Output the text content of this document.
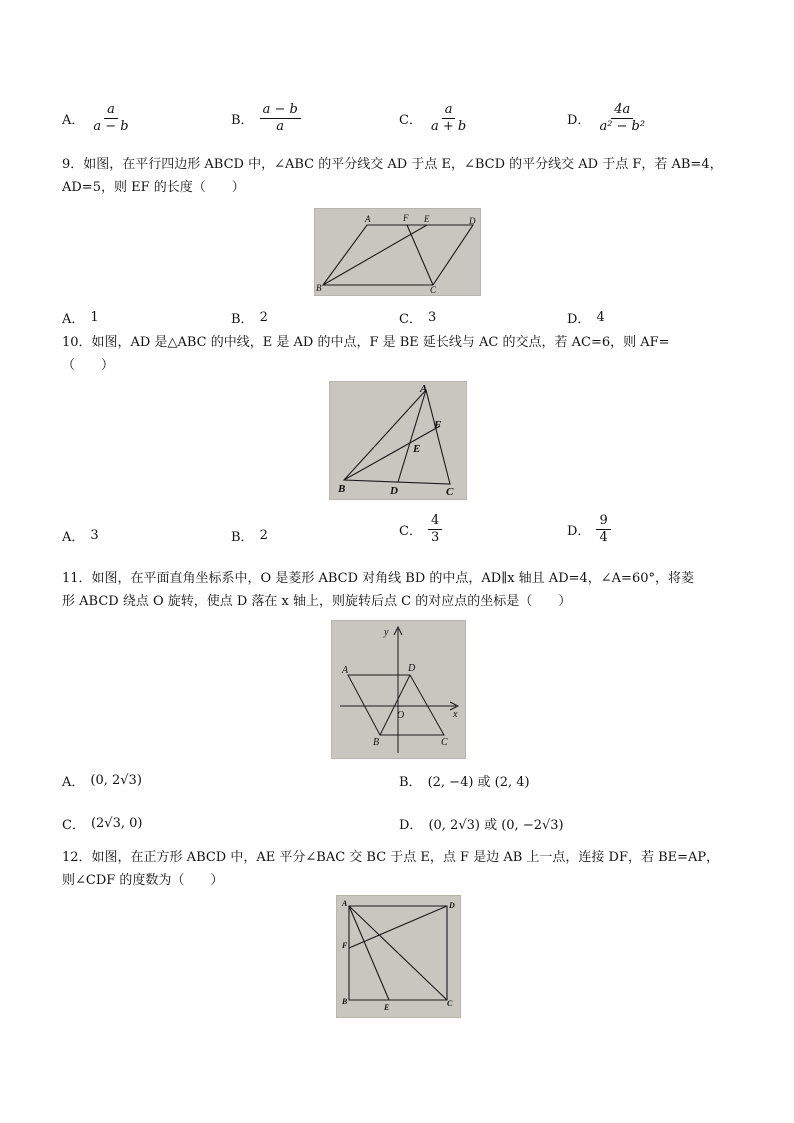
A． $\frac{a}{a - b}$	B． $\frac{a - b}{a}$	C． $\frac{a}{a + b}$	D． $\frac{4a}{\text{a² − b²}}$
9．如图，在平行四边形 ABCD 中，∠ABC 的平分线交 AD 于点 E，∠BCD 的平分线交 AD 于点 F，若 AB=4，
AD=5，则 EF 的长度（　　）
A	F E	D
B	C
A． 1	B． 2	C． 3	D． 4
10．如图，AD 是△ABC 的中线，E 是 AD 的中点，F 是 BE 延长线与 AC 的交点，若 AC=6，则 AF=
（　　）
A
F
E
B	D	C
A． 3	B． 2	C． $\frac{4}{3}$	D． $\frac{9}{4}$
11．如图，在平面直角坐标系中，O 是菱形 ABCD 对角线 BD 的中点，AD∥x 轴且 AD=4，∠A=60°，将菱
形 ABCD 绕点 O 旋转，使点 D 落在 x 轴上，则旋转后点 C 的对应点的坐标是（　　）
y
x
A	D
O
B	C
A． (0, 2√3)	B． (2, −4) 或 (2, 4)
C． (2√3, 0)	D． (0, 2√3) 或 (0, −2√3)
12．如图，在正方形 ABCD 中，AE 平分∠BAC 交 BC 于点 E，点 F 是边 AB 上一点，连接 DF，若 BE=AP，
则∠CDF 的度数为（　　）
A	D
F
B
E	C
